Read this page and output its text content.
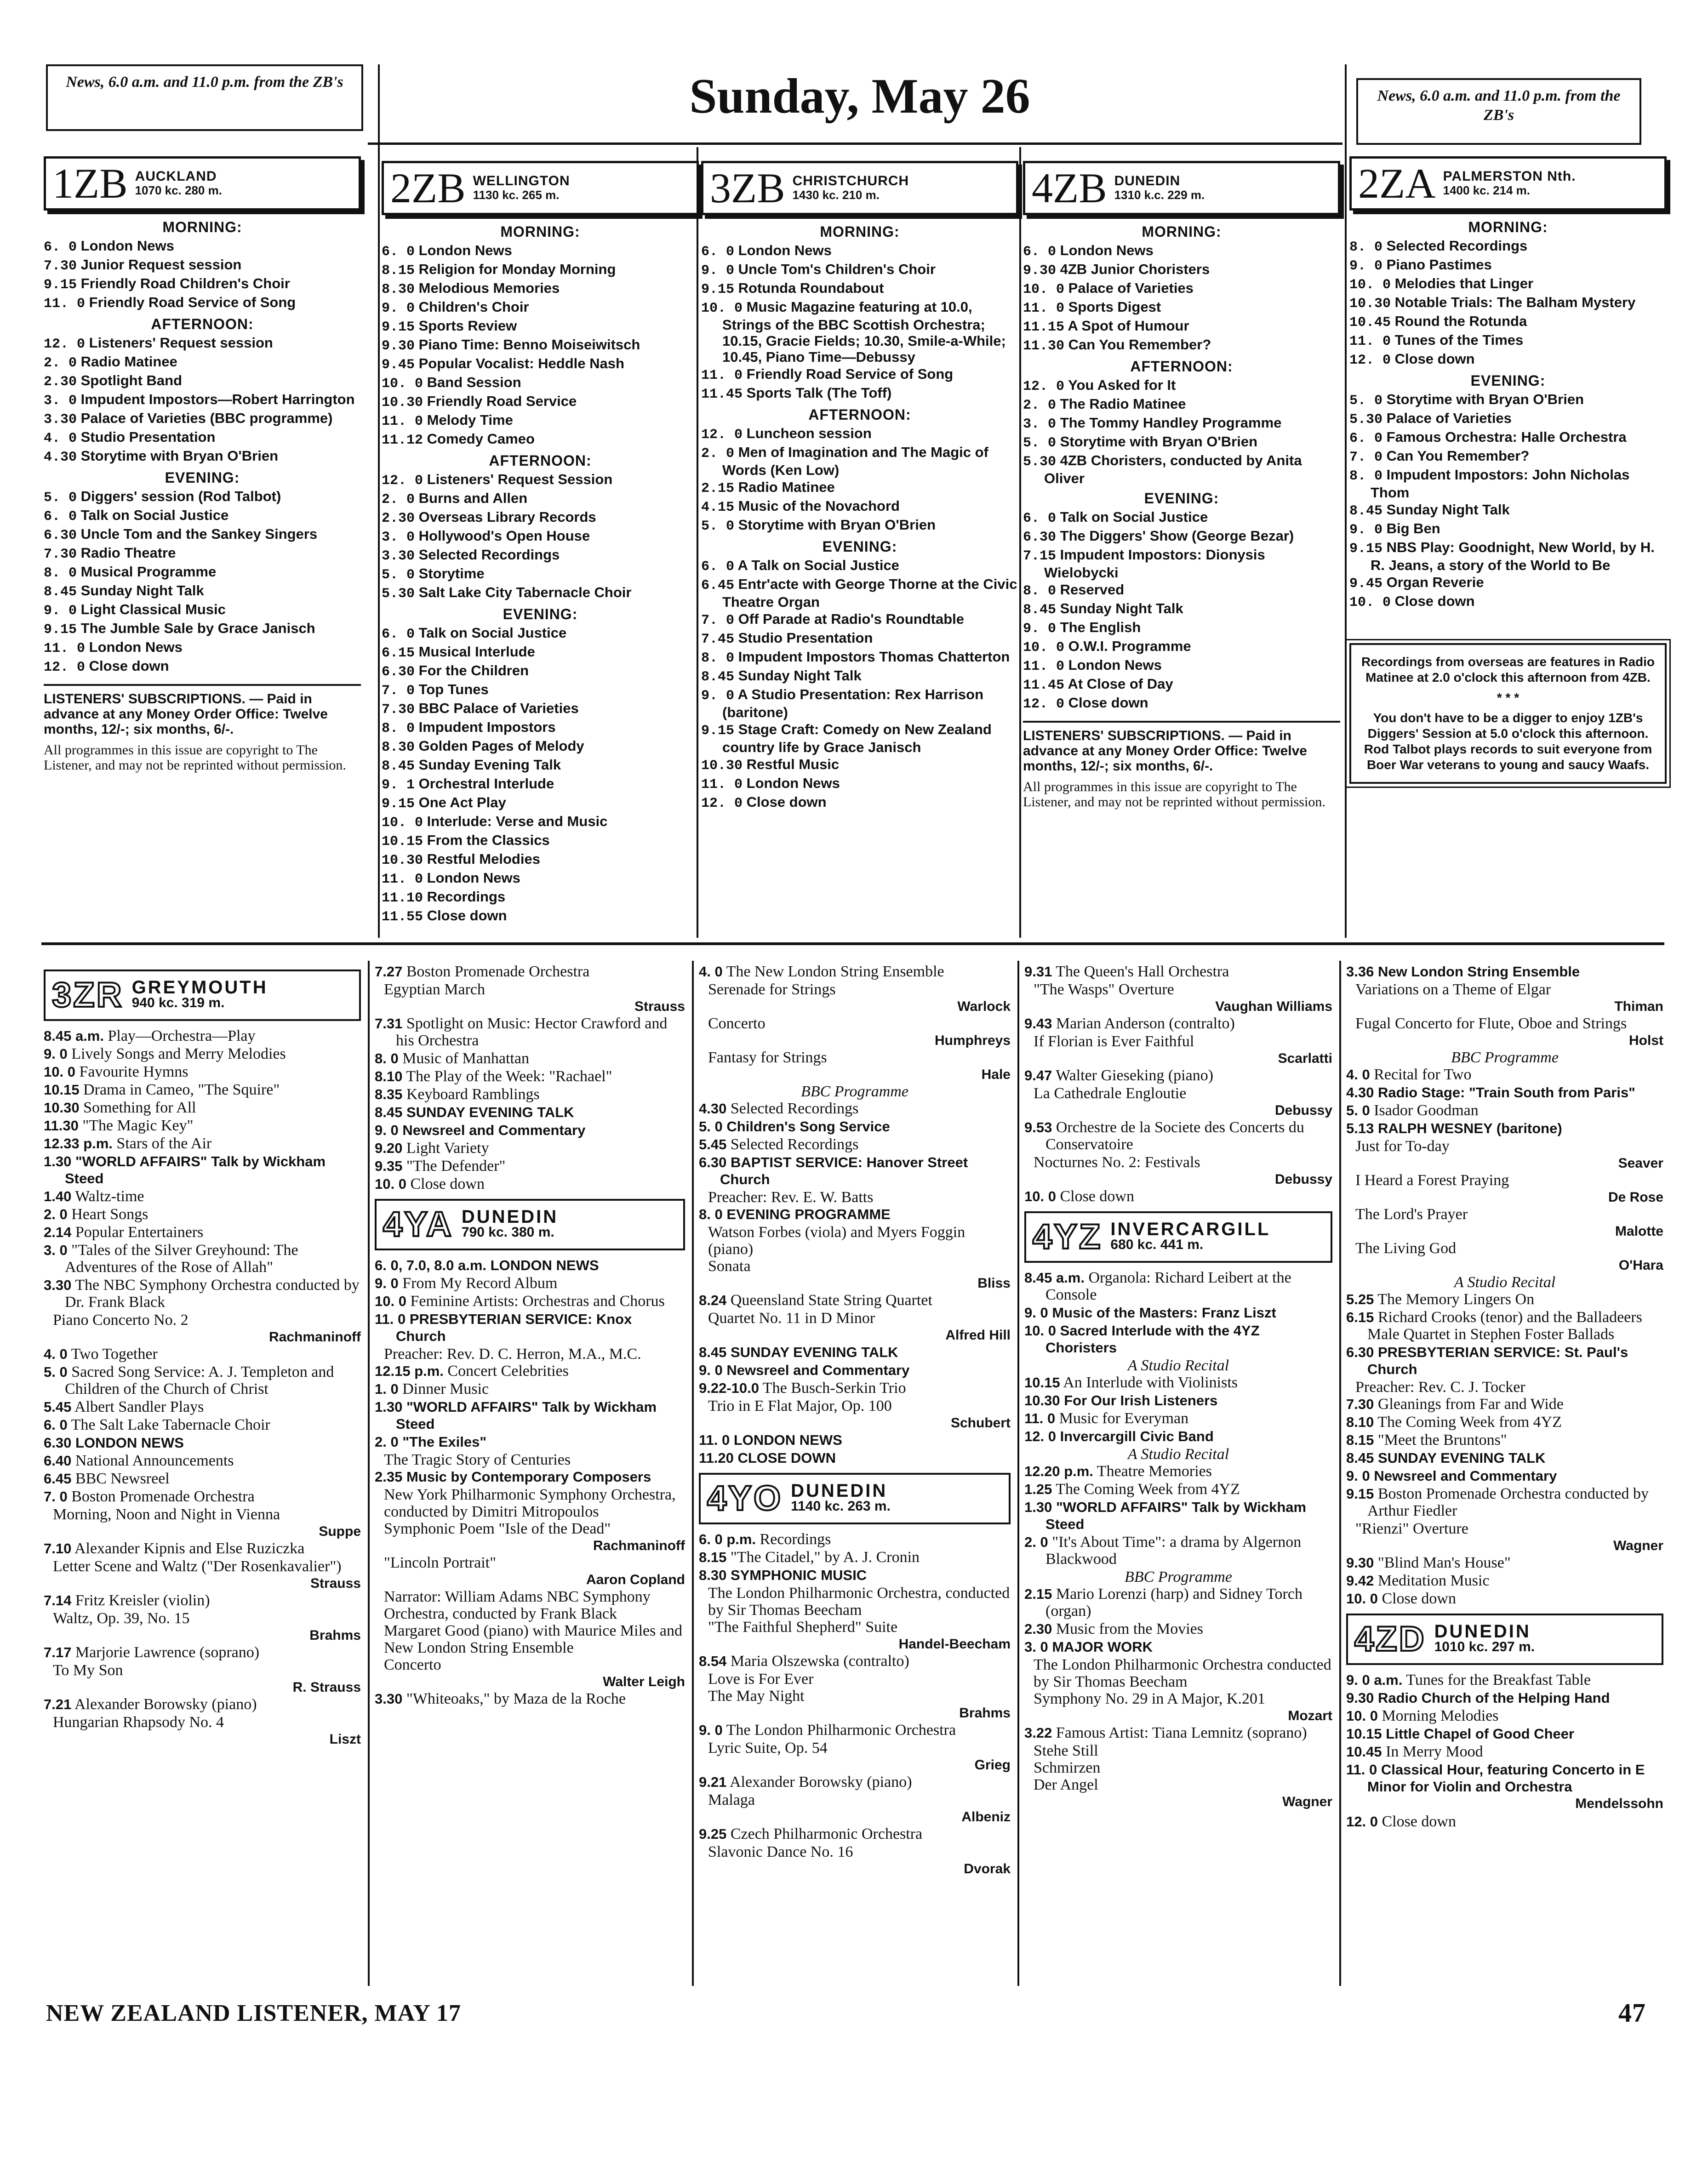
News, 6.0 a.m. and 11.0 p.m. from the ZB's	Sunday, May 26	News, 6.0 a.m. and 11.0 p.m. from the ZB's
1ZB AUCKLAND
1070 kc. 280 m.
MORNING:
6. 0 London News
7.30 Junior Request session
9.15 Friendly Road Children's Choir
11. 0 Friendly Road Service of Song
AFTERNOON:
12. 0 Listeners' Request session
2. 0 Radio Matinee
2.30 Spotlight Band
3. 0 Impudent Impostors—Robert Harrington
3.30 Palace of Varieties (BBC programme)
4. 0 Studio Presentation
4.30 Storytime with Bryan O'Brien
EVENING:
5. 0 Diggers' session (Rod Talbot)
6. 0 Talk on Social Justice
6.30 Uncle Tom and the Sankey Singers
7.30 Radio Theatre
8. 0 Musical Programme
8.45 Sunday Night Talk
9. 0 Light Classical Music
9.15 The Jumble Sale by Grace Janisch
11. 0 London News
12. 0 Close down
LISTENERS' SUBSCRIPTIONS. — Paid in advance at any Money Order Office: Twelve months, 12/-; six months, 6/-.
All programmes in this issue are copyright to The Listener, and may not be reprinted without permission.
2ZB WELLINGTON
1130 kc. 265 m.
MORNING:
6. 0 London News
8.15 Religion for Monday Morning
8.30 Melodious Memories
9. 0 Children's Choir
9.15 Sports Review
9.30 Piano Time: Benno Moiseiwitsch
9.45 Popular Vocalist: Heddle Nash
10. 0 Band Session
10.30 Friendly Road Service
11. 0 Melody Time
11.12 Comedy Cameo
AFTERNOON:
12. 0 Listeners' Request Session
2. 0 Burns and Allen
2.30 Overseas Library Records
3. 0 Hollywood's Open House
3.30 Selected Recordings
5. 0 Storytime
5.30 Salt Lake City Tabernacle Choir
EVENING:
6. 0 Talk on Social Justice
6.15 Musical Interlude
6.30 For the Children
7. 0 Top Tunes
7.30 BBC Palace of Varieties
8. 0 Impudent Impostors
8.30 Golden Pages of Melody
8.45 Sunday Evening Talk
9. 1 Orchestral Interlude
9.15 One Act Play
10. 0 Interlude: Verse and Music
10.15 From the Classics
10.30 Restful Melodies
11. 0 London News
11.10 Recordings
11.55 Close down
3ZB CHRISTCHURCH
1430 kc. 210 m.
MORNING:
6. 0 London News
9. 0 Uncle Tom's Children's Choir
9.15 Rotunda Roundabout
10. 0 Music Magazine featuring at 10.0, Strings of the BBC Scottish Orchestra; 10.15, Gracie Fields; 10.30, Smile-a-While; 10.45, Piano Time—Debussy
11. 0 Friendly Road Service of Song
11.45 Sports Talk (The Toff)
AFTERNOON:
12. 0 Luncheon session
2. 0 Men of Imagination and The Magic of Words (Ken Low)
2.15 Radio Matinee
4.15 Music of the Novachord
5. 0 Storytime with Bryan O'Brien
EVENING:
6. 0 A Talk on Social Justice
6.45 Entr'acte with George Thorne at the Civic Theatre Organ
7. 0 Off Parade at Radio's Roundtable
7.45 Studio Presentation
8. 0 Impudent Impostors Thomas Chatterton
8.45 Sunday Night Talk
9. 0 A Studio Presentation: Rex Harrison (baritone)
9.15 Stage Craft: Comedy on New Zealand country life by Grace Janisch
10.30 Restful Music
11. 0 London News
12. 0 Close down
4ZB DUNEDIN
1310 k.c. 229 m.
MORNING:
6. 0 London News
9.30 4ZB Junior Choristers
10. 0 Palace of Varieties
11. 0 Sports Digest
11.15 A Spot of Humour
11.30 Can You Remember?
AFTERNOON:
12. 0 You Asked for It
2. 0 The Radio Matinee
3. 0 The Tommy Handley Programme
5. 0 Storytime with Bryan O'Brien
5.30 4ZB Choristers, conducted by Anita Oliver
EVENING:
6. 0 Talk on Social Justice
6.30 The Diggers' Show (George Bezar)
7.15 Impudent Impostors: Dionysis Wielobycki
8. 0 Reserved
8.45 Sunday Night Talk
9. 0 The English
10. 0 O.W.I. Programme
11. 0 London News
11.45 At Close of Day
12. 0 Close down
LISTENERS' SUBSCRIPTIONS. — Paid in advance at any Money Order Office: Twelve months, 12/-; six months, 6/-.
All programmes in this issue are copyright to The Listener, and may not be reprinted without permission.
2ZA PALMERSTON Nth.
1400 kc. 214 m.
MORNING:
8. 0 Selected Recordings
9. 0 Piano Pastimes
10. 0 Melodies that Linger
10.30 Notable Trials: The Balham Mystery
10.45 Round the Rotunda
11. 0 Tunes of the Times
12. 0 Close down
EVENING:
5. 0 Storytime with Bryan O'Brien
5.30 Palace of Varieties
6. 0 Famous Orchestra: Halle Orchestra
7. 0 Can You Remember?
8. 0 Impudent Impostors: John Nicholas Thom
8.45 Sunday Night Talk
9. 0 Big Ben
9.15 NBS Play: Goodnight, New World, by H. R. Jeans, a story of the World to Be
9.45 Organ Reverie
10. 0 Close down
Recordings from overseas are features in Radio Matinee at 2.0 o'clock this afternoon from 4ZB.
* * *
You don't have to be a digger to enjoy 1ZB's Diggers' Session at 5.0 o'clock this afternoon. Rod Talbot plays records to suit everyone from Boer War veterans to young and saucy Waafs.
3ZR GREYMOUTH
940 kc. 319 m.
8.45 a.m. Play—Orchestra—Play
9. 0 Lively Songs and Merry Melodies
10. 0 Favourite Hymns
10.15 Drama in Cameo, "The Squire"
10.30 Something for All
11.30 "The Magic Key"
12.33 p.m. Stars of the Air
1.30 "WORLD AFFAIRS" Talk by Wickham Steed
1.40 Waltz-time
2. 0 Heart Songs
2.14 Popular Entertainers
3. 0 "Tales of the Silver Greyhound: The Adventures of the Rose of Allah"
3.30 The NBC Symphony Orchestra conducted by Dr. Frank Black
Piano Concerto No. 2
Rachmaninoff
4. 0 Two Together
5. 0 Sacred Song Service: A. J. Templeton and Children of the Church of Christ
5.45 Albert Sandler Plays
6. 0 The Salt Lake Tabernacle Choir
6.30 LONDON NEWS
6.40 National Announcements
6.45 BBC Newsreel
7. 0 Boston Promenade Orchestra
Morning, Noon and Night in Vienna
Suppe
7.10 Alexander Kipnis and Else Ruziczka
Letter Scene and Waltz ("Der Rosenkavalier")
Strauss
7.14 Fritz Kreisler (violin)
Waltz, Op. 39, No. 15
Brahms
7.17 Marjorie Lawrence (soprano)
To My Son
R. Strauss
7.21 Alexander Borowsky (piano)
Hungarian Rhapsody No. 4
Liszt
7.27 Boston Promenade Orchestra
Egyptian March
Strauss
7.31 Spotlight on Music: Hector Crawford and his Orchestra
8. 0 Music of Manhattan
8.10 The Play of the Week: "Rachael"
8.35 Keyboard Ramblings
8.45 SUNDAY EVENING TALK
9. 0 Newsreel and Commentary
9.20 Light Variety
9.35 "The Defender"
10. 0 Close down
4YA DUNEDIN
790 kc. 380 m.
6. 0, 7.0, 8.0 a.m. LONDON NEWS
9. 0 From My Record Album
10. 0 Feminine Artists: Orchestras and Chorus
11. 0 PRESBYTERIAN SERVICE: Knox Church
Preacher: Rev. D. C. Herron, M.A., M.C.
12.15 p.m. Concert Celebrities
1. 0 Dinner Music
1.30 "WORLD AFFAIRS" Talk by Wickham Steed
2. 0 "The Exiles"
The Tragic Story of Centuries
2.35 Music by Contemporary Composers
New York Philharmonic Symphony Orchestra, conducted by Dimitri Mitropoulos
Symphonic Poem "Isle of the Dead"
Rachmaninoff
"Lincoln Portrait"
Aaron Copland
Narrator: William Adams NBC Symphony Orchestra, conducted by Frank Black
Margaret Good (piano) with Maurice Miles and New London String Ensemble
Concerto
Walter Leigh
3.30 "Whiteoaks," by Maza de la Roche
4. 0 The New London String Ensemble
Serenade for Strings
Warlock
Concerto
Humphreys
Fantasy for Strings
Hale
BBC Programme
4.30 Selected Recordings
5. 0 Children's Song Service
5.45 Selected Recordings
6.30 BAPTIST SERVICE: Hanover Street Church
Preacher: Rev. E. W. Batts
8. 0 EVENING PROGRAMME
Watson Forbes (viola) and Myers Foggin (piano)
Sonata
Bliss
8.24 Queensland State String Quartet
Quartet No. 11 in D Minor
Alfred Hill
8.45 SUNDAY EVENING TALK
9. 0 Newsreel and Commentary
9.22-10.0 The Busch-Serkin Trio
Trio in E Flat Major, Op. 100
Schubert
11. 0 LONDON NEWS
11.20 CLOSE DOWN
4YO DUNEDIN
1140 kc. 263 m.
6. 0 p.m. Recordings
8.15 "The Citadel," by A. J. Cronin
8.30 SYMPHONIC MUSIC
The London Philharmonic Orchestra, conducted by Sir Thomas Beecham
"The Faithful Shepherd" Suite
Handel-Beecham
8.54 Maria Olszewska (contralto)
Love is For Ever
The May Night
Brahms
9. 0 The London Philharmonic Orchestra
Lyric Suite, Op. 54
Grieg
9.21 Alexander Borowsky (piano)
Malaga
Albeniz
9.25 Czech Philharmonic Orchestra
Slavonic Dance No. 16
Dvorak
9.31 The Queen's Hall Orchestra
"The Wasps" Overture
Vaughan Williams
9.43 Marian Anderson (contralto)
If Florian is Ever Faithful
Scarlatti
9.47 Walter Gieseking (piano)
La Cathedrale Engloutie
Debussy
9.53 Orchestre de la Societe des Concerts du Conservatoire
Nocturnes No. 2: Festivals
Debussy
10. 0 Close down
4YZ INVERCARGILL
680 kc. 441 m.
8.45 a.m. Organola: Richard Leibert at the Console
9. 0 Music of the Masters: Franz Liszt
10. 0 Sacred Interlude with the 4YZ Choristers
A Studio Recital
10.15 An Interlude with Violinists
10.30 For Our Irish Listeners
11. 0 Music for Everyman
12. 0 Invercargill Civic Band
A Studio Recital
12.20 p.m. Theatre Memories
1.25 The Coming Week from 4YZ
1.30 "WORLD AFFAIRS" Talk by Wickham Steed
2. 0 "It's About Time": a drama by Algernon Blackwood
BBC Programme
2.15 Mario Lorenzi (harp) and Sidney Torch (organ)
2.30 Music from the Movies
3. 0 MAJOR WORK
The London Philharmonic Orchestra conducted by Sir Thomas Beecham
Symphony No. 29 in A Major, K.201
Mozart
3.22 Famous Artist: Tiana Lemnitz (soprano)
Stehe Still
Schmirzen
Der Angel
Wagner
3.36 New London String Ensemble
Variations on a Theme of Elgar
Thiman
Fugal Concerto for Flute, Oboe and Strings
Holst
BBC Programme
4. 0 Recital for Two
4.30 Radio Stage: "Train South from Paris"
5. 0 Isador Goodman
5.13 RALPH WESNEY (baritone)
Just for To-day
Seaver
I Heard a Forest Praying
De Rose
The Lord's Prayer
Malotte
The Living God
O'Hara
A Studio Recital
5.25 The Memory Lingers On
6.15 Richard Crooks (tenor) and the Balladeers Male Quartet in Stephen Foster Ballads
6.30 PRESBYTERIAN SERVICE: St. Paul's Church
Preacher: Rev. C. J. Tocker
7.30 Gleanings from Far and Wide
8.10 The Coming Week from 4YZ
8.15 "Meet the Bruntons"
8.45 SUNDAY EVENING TALK
9. 0 Newsreel and Commentary
9.15 Boston Promenade Orchestra conducted by Arthur Fiedler
"Rienzi" Overture
Wagner
9.30 "Blind Man's House"
9.42 Meditation Music
10. 0 Close down
4ZD DUNEDIN
1010 kc. 297 m.
9. 0 a.m. Tunes for the Breakfast Table
9.30 Radio Church of the Helping Hand
10. 0 Morning Melodies
10.15 Little Chapel of Good Cheer
10.45 In Merry Mood
11. 0 Classical Hour, featuring Concerto in E Minor for Violin and Orchestra
Mendelssohn
12. 0 Close down
NEW ZEALAND LISTENER, MAY 17	47
